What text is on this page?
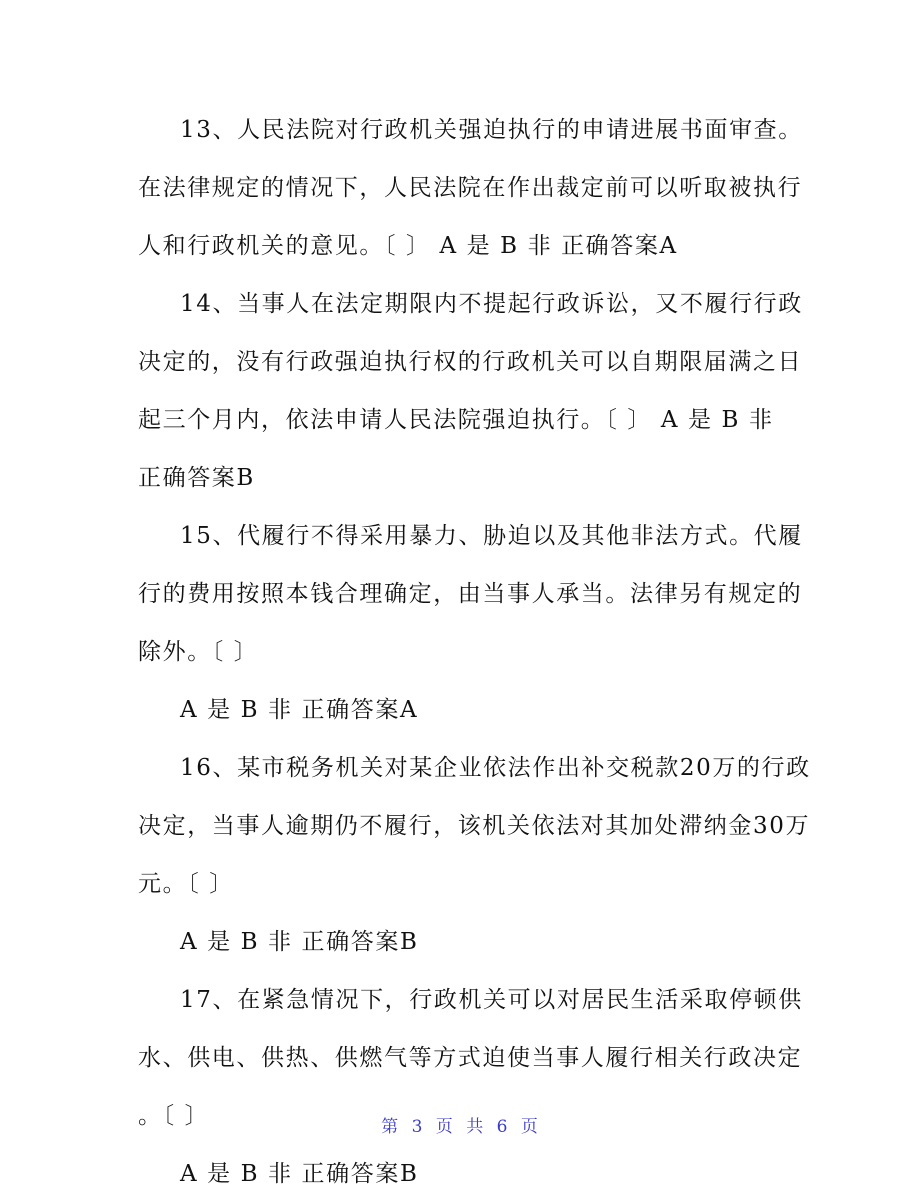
13、人民法院对行政机关强迫执行的申请进展书面审查。
在法律规定的情况下，人民法院在作出裁定前可以听取被执行
人和行政机关的意见。〔 〕 A 是 B 非 正确答案A
14、当事人在法定期限内不提起行政诉讼，又不履行行政
决定的，没有行政强迫执行权的行政机关可以自期限届满之日
起三个月内，依法申请人民法院强迫执行。〔 〕 A 是 B 非
正确答案B
15、代履行不得采用暴力、胁迫以及其他非法方式。代履
行的费用按照本钱合理确定，由当事人承当。法律另有规定的
除外。〔 〕
A 是 B 非 正确答案A
16、某市税务机关对某企业依法作出补交税款20万的行政
决定，当事人逾期仍不履行，该机关依法对其加处滞纳金30万
元。〔 〕
A 是 B 非 正确答案B
17、在紧急情况下，行政机关可以对居民生活采取停顿供
水、供电、供热、供燃气等方式迫使当事人履行相关行政决定
。〔 〕
A 是 B 非 正确答案B
第 3 页 共 6 页
